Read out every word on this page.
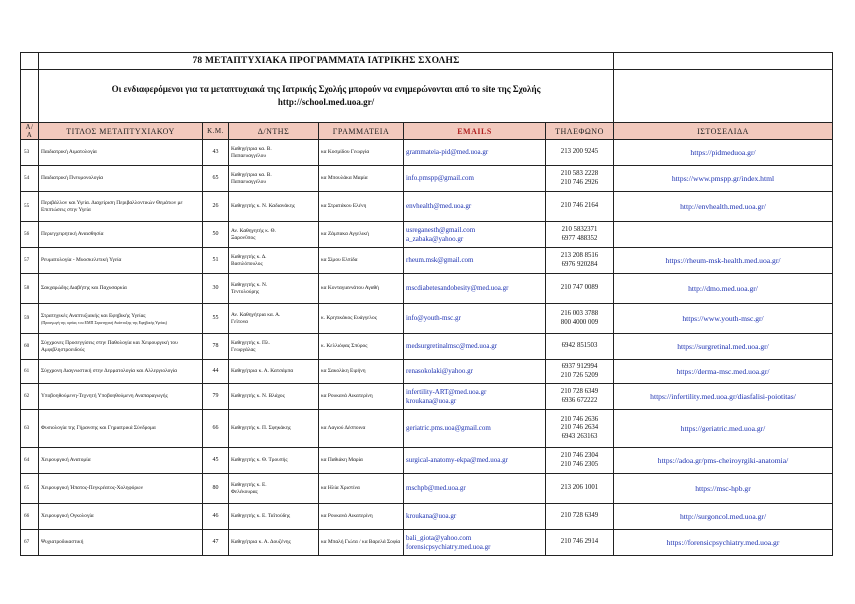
	78 ΜΕΤΑΠΤΥΧΙΑΚΑ ΠΡΟΓΡΑΜΜΑΤΑ ΙΑΤΡΙΚΗΣ ΣΧΟΛΗΣ						

	Οι ενδιαφερόμενοι για τα μεταπτυχιακά της Ιατρικής Σχολής μπορούν να ενημερώνονται από το site της Σχολής
http://school.med.uoa.gr/						

Α/Α	ΤΙΤΛΟΣ ΜΕΤΑΠΤΥΧΙΑΚΟΥ	Κ.Μ.	Δ/ΝΤΗΣ	ΓΡΑΜΜΑΤΕΙΑ	EMAILS	ΤΗΛΕΦΩΝΟ	ΙΣΤΟΣΕΛΙΔΑ
53	Παιδιατρική Αιματολογία	43	Καθηγήτρια κα. Β.
Παπαευαγγέλου	κα Κοσμίδου Γεωργία	grammateia-pid@med.uoa.gr	213 200 9245	https://pidmeduoa.gr/

54	Παιδιατρική Πνευμονολογία	65	Καθηγήτρια κα. Β.
Παπαευαγγέλου	κα Μπουλάκα Μαρία	info.pmspp@gmail.com	210 583 2228
210 746 2926	https://www.pmspp.gr/index.html

55	Περιβάλλον και Υγεία. Διαχείριση Περιβαλλοντικών Θεμάτων με Επιπτώσεις στην Υγεία	26	Καθηγητής κ. Ν. Καδιανάκης	κα Στρατάκου Ελένη	envhealth@med.uoa.gr	210 746 2164	http://envhealth.med.uoa.gr/

56	Περιεγχειρητική Αναισθησία	50	Αν. Καθηγητής κ. Θ.
Ξαρονῦπος	κα Ζάμπακα Αγγελική	usreganesth@gmail.com
a_zabaka@yahoo.gr	210 5832371
6977 488352	

57	Ρευματολογία - Μυοσκελετική Υγεία	51	Καθηγητής κ. Δ.
Βασιλόπουλος	κα Σίμου Ελπίδα	rheum.msk@gmail.com	213 208 8516
6976 920284	https://rheum-msk-health.med.uoa.gr/

58	Σακχαρώδης Διαβήτης και Παχυσαρκία	30	Καθηγητής κ. Ν.
Τεντολούρης	κα Κονταγιαννάτου Αγαθή	mscdiabetesandobesity@med.uoa.gr	210 747 0089	http://dmo.med.uoa.gr/

59	Στρατηγικές Αναπτυξιακής και Εφηβικής Υγείας
(Προαγωγή της υγείας του ΕΜΠ Στρατηγική Ανάπτυξης της Εφηβικής Υγείας)	55	Αν. Καθηγήτρια κα. Α.
Γεϊτονα	κ. Κρητικάκος Ευάγγελος	info@youth-msc.gr	216 003 3788
800 4000 009	https://www.youth-msc.gr/

60	Σύγχρονες Προσεγγίσεις στην Παθολογία και Χειρουργική του Αμφιβληστροειδούς	78	Καθηγητής κ. Πλ.
Γεωργάλας	κ. Κελλιόφας Σπύρος	medsurgretinalmsc@med.uoa.gr	6942 851503	https://surgretinal.med.uoa.gr/

61	Σύγχρονη Διαγνωστική στην Δερματολογία και Αλλεργιολογία	44	Καθηγήτρια κ. Α. Κατσάμπα	κα Σακολίκη Ειρήνη	renasokolaki@yahoo.gr	6937 912994
210 726 5209	https://derma-msc.med.uoa.gr/

62	Υποβοηθούμενη-Τεχνητή Υποβοηθούμενη Αναπαραγωγής	79	Καθηγητής κ. Ν. Βλάχος	κα Ρουκανά Αικατερίνη	infertility-ART@med.uoa.gr
kroukana@uoa.gr	210 728 6349
6936 672222	https://infertility.med.uoa.gr/diasfalisi-poiotitas/

63	Φυσιολογία της Γήρανσης και Γηριατρικά Σύνδρομα	66	Καθηγητής κ. Π. Σφηκάκης	κα Λαγιού Δέσποινα	geriatric.pms.uoa@gmail.com	210 746 2636
210 746 2634
6943 263163	https://geriatric.med.uoa.gr/

64	Χειρουργική Ανατομία	45	Καθηγητής κ. Θ. Τρουπής	κα Παθιάκη Μαρία	surgical-anatomy-ekpa@med.uoa.gr	210 746 2304
210 746 2305	https://adoa.gr/pms-cheiroyrgiki-anatomia/

65	Χειρουργική Ήπατος-Πεγκρέατος-Χοληφόρων	80	Καθηγητής κ. Ε.
Φελέκουρας	κα Ηλία Χριστίνα	mschpb@med.uoa.gr	213 206 1001	https://msc-hpb.gr

66	Χειρουργική Ογκολογία	46	Καθηγητής κ. Ε. Ταΐτούδης	κα Ρουκανά Αικατερίνη	kroukana@uoa.gr	210 728 6349	http://surgoncol.med.uoa.gr/

67	Ψυχιατροδικαστική	47	Καθηγήτρια κ. Α. Δουζένης	κα Μπαλή Γιώτα / κα Βαρελά Σοφία	bali_giota@yahoo.com
forensicpsychiatry.med.uoa.gr	210 746 2914	https://forensicpsychiatry.med.uoa.gr
